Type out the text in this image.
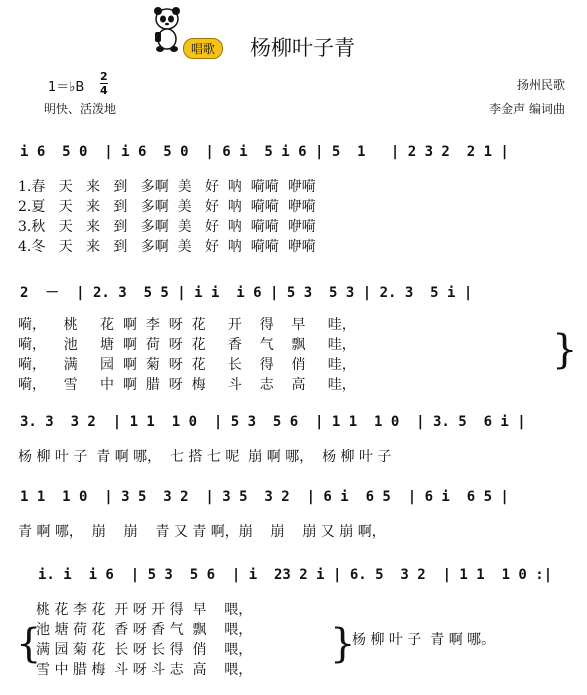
唱歌	杨柳叶子青
1＝♭B
2
4
明快、活泼地
扬州民歌
李金声 编词曲
i 6  5 0  | i 6  5 0  | 6 i  5 i 6 | 5  1   | 2 3 2  2 1 |
1.春   天   来   到   多啊  美   好  呐  嗬嗬  咿嗬
2.夏   天   来   到   多啊  美   好  呐  嗬嗬  咿嗬
3.秋   天   来   到   多啊  美   好  呐  嗬嗬  咿嗬
4.冬   天   来   到   多啊  美   好  呐  嗬嗬  咿嗬
2  －  | 2. 3  5 5 | i i  i 6 | 5 3  5 3 | 2. 3  5 i |
嗬，    桃     花  啊  李  呀  花     开    得    早     哇，
嗬，    池     塘  啊  荷  呀  花     香    气    飘     哇，
嗬，    满     园  啊  菊  呀  花     长    得    俏     哇，
嗬，    雪     中  啊  腊  呀  梅     斗    志    高     哇，
}
3. 3  3 2  | 1 1  1 0  | 5 3  5 6  | 1 1  1 0  | 3. 5  6 i |
杨 柳 叶 子  青 啊 哪，  七 搭 七 呢  崩 啊 哪，  杨 柳 叶 子
1 1  1 0  | 3 5  3 2  | 3 5  3 2  | 6 i  6 5  | 6 i  6 5 |
青 啊 哪，  崩    崩    青 又 青 啊，崩    崩    崩 又 崩 啊，
i. i  i 6  | 5 3  5 6  | i  23 2 i | 6. 5  3 2  | 1 1  1 0 :|
{
桃 花 李 花  开 呀 开 得  早    喂，
池 塘 荷 花  香 呀 香 气  飘    喂，
满 园 菊 花  长 呀 长 得  俏    喂，
雪 中 腊 梅  斗 呀 斗 志  高    喂，
}
杨 柳 叶 子  青 啊 哪。
